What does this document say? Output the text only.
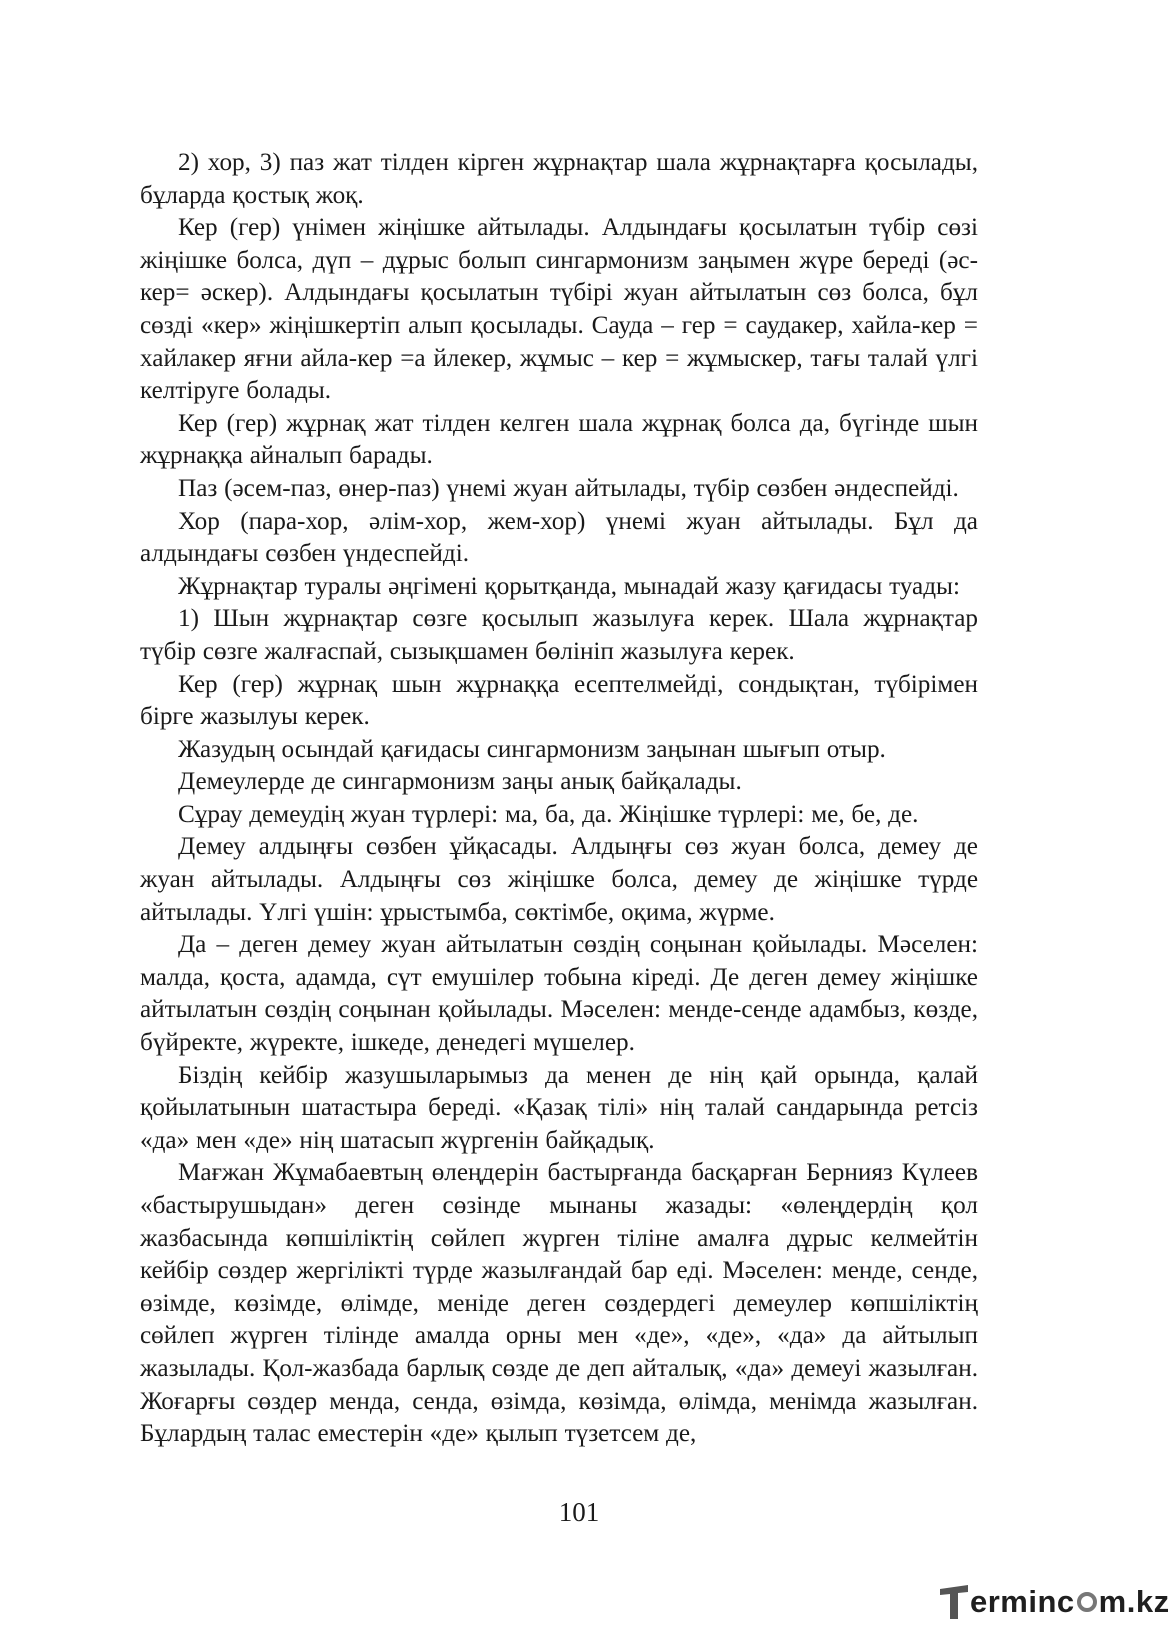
2) хор, 3) паз жат тілден кірген жұрнақтар шала жұрнақтарға қосылады, бұларда қостық жоқ.

Кер (гер) үнімен жіңішке айтылады. Алдындағы қосылатын түбір сөзі жіңішке болса, дүп – дұрыс болып сингармонизм заңымен жүре береді (әс-кер= әскер). Алдындағы қосылатын түбірі жуан айтылатын сөз болса, бұл сөзді «кер» жіңішкертіп алып қосылады. Сауда – гер = саудакер, хайла-кер = хайлакер яғни айла-кер =а йлекер, жұмыс – кер = жұмыскер, тағы талай үлгі келтіруге болады.

Кер (гер) жұрнақ жат тілден келген шала жұрнақ болса да, бүгінде шын жұрнаққа айналып барады.

Паз (әсем-паз, өнер-паз) үнемі жуан айтылады, түбір сөзбен әндеспейді.

Хор (пара-хор, әлім-хор, жем-хор) үнемі жуан айтылады. Бұл да алдындағы сөзбен үндеспейді.

Жұрнақтар туралы әңгімені қорытқанда, мынадай жазу қағидасы туады:

1) Шын жұрнақтар сөзге қосылып жазылуға керек. Шала жұрнақтар түбір сөзге жалғаспай, сызықшамен бөлініп жазылуға керек.

Кер (гер) жұрнақ шын жұрнаққа есептелмейді, сондықтан, түбірімен бірге жазылуы керек.

Жазудың осындай қағидасы сингармонизм заңынан шығып отыр.

Демеулерде де сингармонизм заңы анық байқалады.

Сұрау демеудің жуан түрлері: ма, ба, да. Жіңішке түрлері: ме, бе, де.

Демеу алдыңғы сөзбен ұйқасады. Алдыңғы сөз жуан болса, демеу де жуан айтылады. Алдыңғы сөз жіңішке болса, демеу де жіңішке түрде айтылады. Үлгі үшін: ұрыстымба, сөктімбе, оқима, жүрме.

Да – деген демеу жуан айтылатын сөздің соңынан қойылады. Мәселен: малда, қоста, адамда, сүт емушілер тобына кіреді. Де деген демеу жіңішке айтылатын сөздің соңынан қойылады. Мәселен: менде-сенде адамбыз, көзде, бүйректе, жүректе, ішкеде, денедегі мүшелер.

Біздің кейбір жазушыларымыз да менен де нің қай орында, қалай қойылатынын шатастыра береді. «Қазақ тілі» нің талай сандарында ретсіз «да» мен «де» нің шатасып жүргенін байқадық.

Мағжан Жұмабаевтың өлеңдерін бастырғанда басқарған Бернияз Күлеев «бастырушыдан» деген сөзінде мынаны жазады: «өлеңдердің қол жазбасында көпшіліктің сөйлеп жүрген тіліне амалға дұрыс келмейтін кейбір сөздер жергілікті түрде жазылғандай бар еді. Мәселен: менде, сенде, өзімде, көзімде, өлімде, меніде деген сөздердегі демеулер көпшіліктің сөйлеп жүрген тілінде амалда орны мен «де», «де», «да» да айтылып жазылады. Қол-жазбада барлық сөзде де деп айталық, «да» демеуі жазылған. Жоғарғы сөздер менда, сенда, өзімда, көзімда, өлімда, менімда жазылған. Бұлардың талас еместерін «де» қылып түзетсем де,

101
erminc m.kz
